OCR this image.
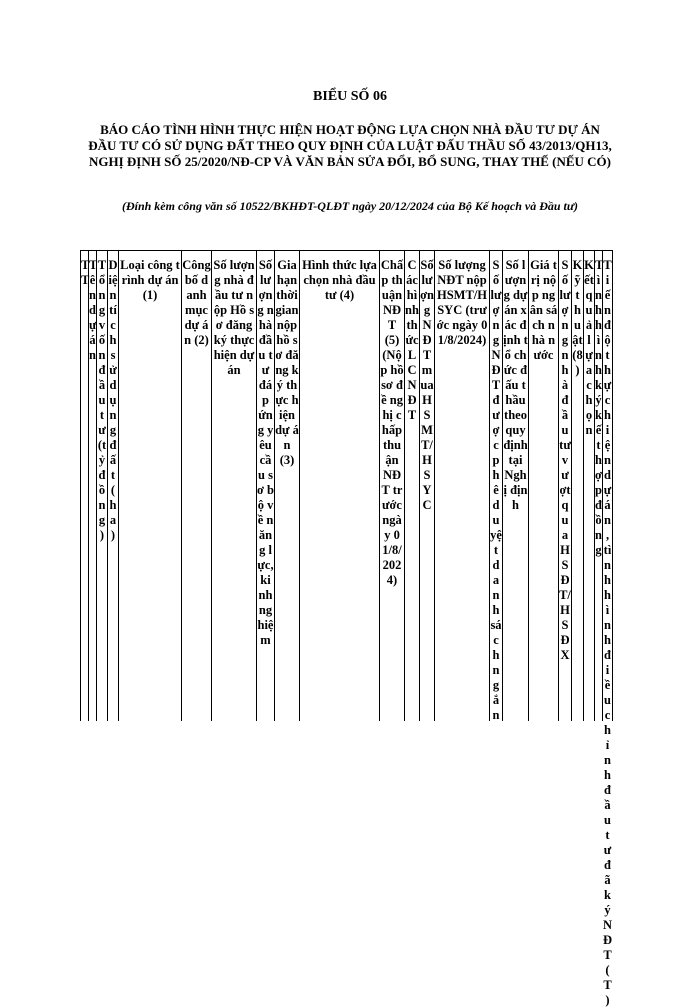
BIỂU SỐ 06
BÁO CÁO TÌNH HÌNH THỰC HIỆN HOẠT ĐỘNG LỰA CHỌN NHÀ ĐẦU TƯ DỰ ÁN ĐẦU TƯ CÓ SỬ DỤNG ĐẤT THEO QUY ĐỊNH CỦA LUẬT ĐẤU THẦU SỐ 43/2013/QH13, NGHỊ ĐỊNH SỐ 25/2020/NĐ-CP VÀ VĂN BẢN SỬA ĐỔI, BỔ SUNG, THAY THẾ (NẾU CÓ)
(Đính kèm công văn số 10522/BKHĐT-QLĐT ngày 20/12/2024 của Bộ Kế hoạch và Đầu tư)
TT
Tên dự án
Tổng vốn đầu tư (tỷ đồng)
Diện tích sử dụng đất (ha)
Loại công trình dự án (1)
Công bố danh mục dự án (2)
Số lượng nhà đầu tư nộp Hồ sơ đăng ký thực hiện dự án
Số lượng nhà đầu tư đáp ứng yêu cầu sơ bộ về năng lực, kinh nghiệm
Gia hạn thời gian nộp hồ sơ đăng ký thực hiện dự án (3)
Hình thức lựa chọn nhà đầu tư (4)
Chấp thuận NĐT (5) (Nộp hồ sơ đề nghị chấp thuận NĐT trước ngày 01/8/2024)
Các hình thức LCNĐT
Số lượng NĐT mua HSMT/HSYC
Số lượng NĐT nộp HSMT/HSYC (trước ngày 01/8/2024)
Số lượng NĐT được phê duyệt danh sách ngắn
Số lượng dự án xác định tổ chức đấu thầu theo quy định tại Nghị định
Giá trị nộp ngân sách nhà nước
Số lượng nhà đầu tư vượt qua HSĐT/HSĐX
Kỹ thuật (8)
Kết quả lựa chọn
Tình hình ký kết hợp đồng
Tiến độ thực hiện dự án, tình hình điều chỉnh đầu tư đã ký NĐT (T)
